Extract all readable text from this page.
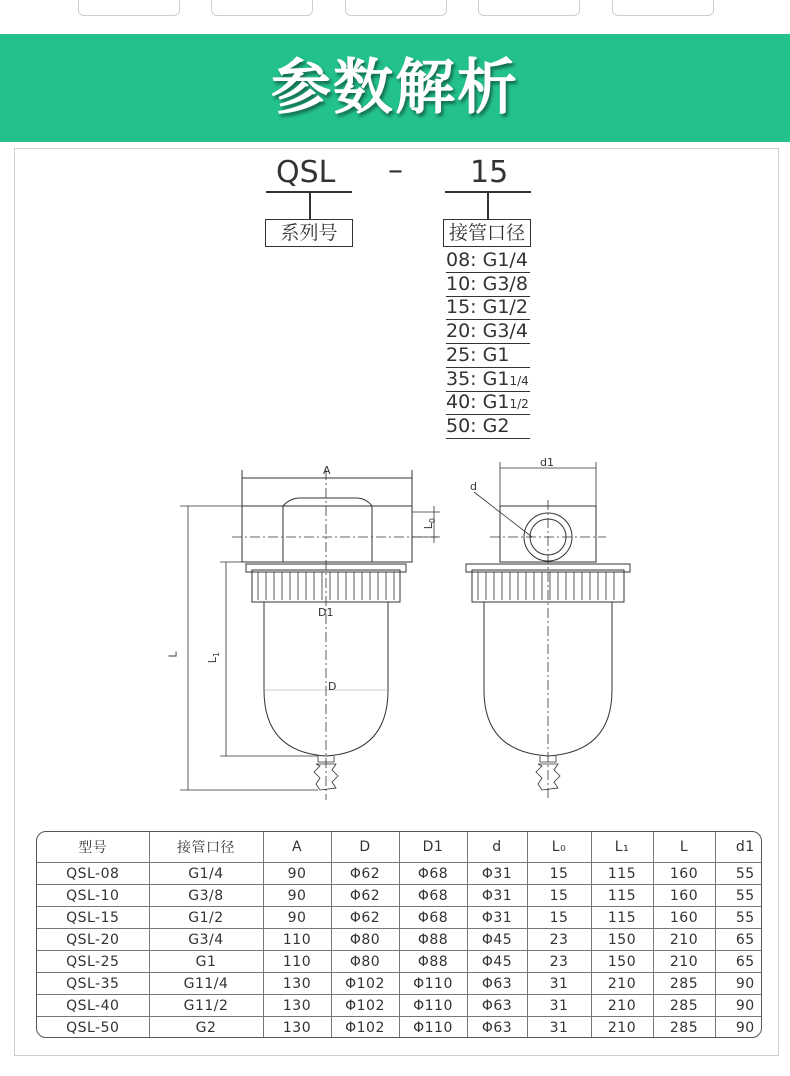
参数解析
QSL – 15
系列号	接管口径
08: G1/4
10: G3/8
15: G1/2
20: G3/4
25: G1
35: G11/4
40: G11/2
50: G2
A
$L_0$
D1
D
L
$L_1$
d1
d
型号	接管口径	A	D	D1	d	L₀	L₁	L	d1
QSL-08	G1/4	90	Φ62	Φ68	Φ31	15	115	160	55
QSL-10	G3/8	90	Φ62	Φ68	Φ31	15	115	160	55
QSL-15	G1/2	90	Φ62	Φ68	Φ31	15	115	160	55
QSL-20	G3/4	110	Φ80	Φ88	Φ45	23	150	210	65
QSL-25	G1	110	Φ80	Φ88	Φ45	23	150	210	65
QSL-35	G11/4	130	Φ102	Φ110	Φ63	31	210	285	90
QSL-40	G11/2	130	Φ102	Φ110	Φ63	31	210	285	90
QSL-50	G2	130	Φ102	Φ110	Φ63	31	210	285	90
